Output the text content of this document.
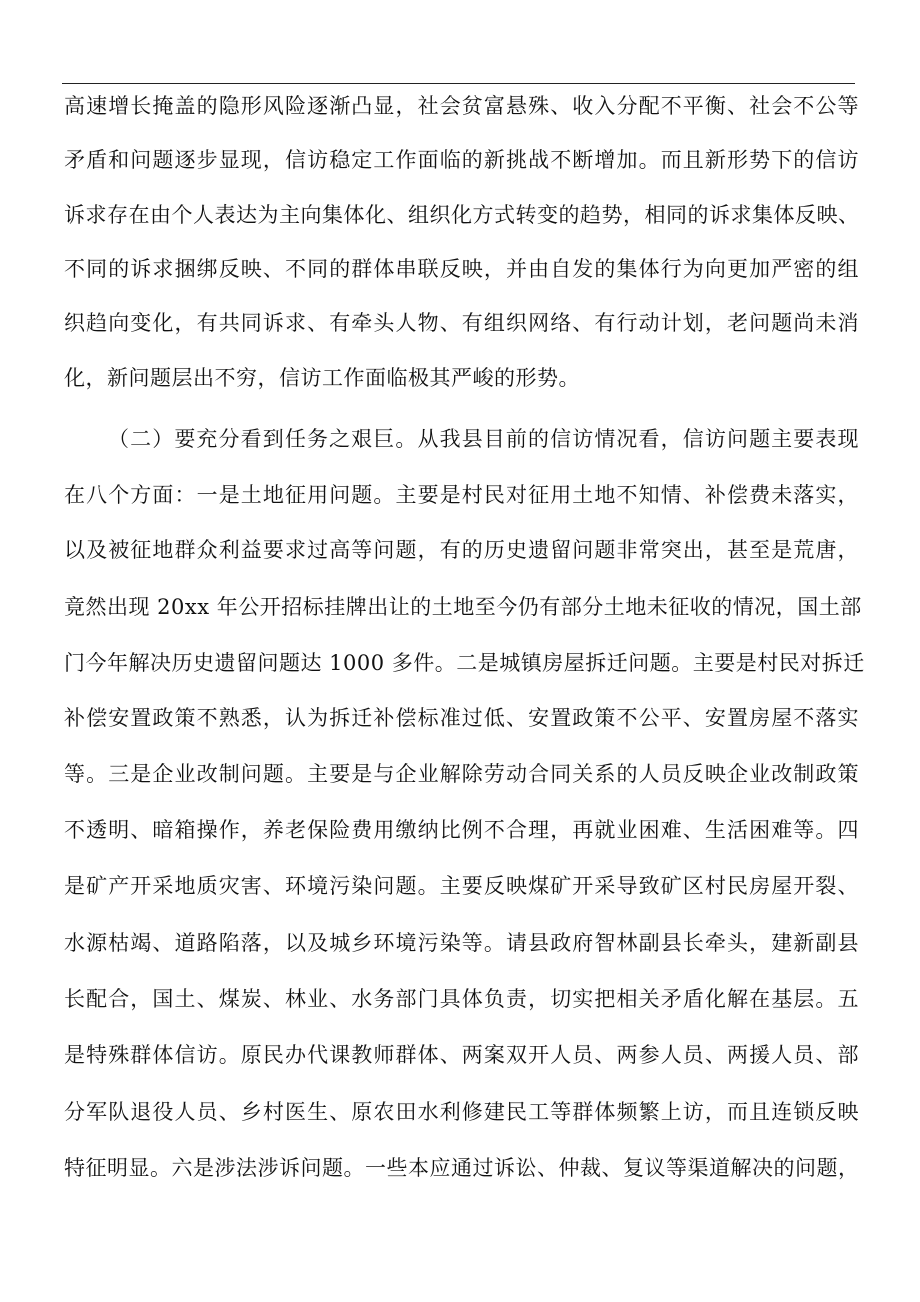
高速增长掩盖的隐形风险逐渐凸显，社会贫富悬殊、收入分配不平衡、社会不公等
矛盾和问题逐步显现，信访稳定工作面临的新挑战不断增加。而且新形势下的信访
诉求存在由个人表达为主向集体化、组织化方式转变的趋势，相同的诉求集体反映、
不同的诉求捆绑反映、不同的群体串联反映，并由自发的集体行为向更加严密的组
织趋向变化，有共同诉求、有牵头人物、有组织网络、有行动计划，老问题尚未消
化，新问题层出不穷，信访工作面临极其严峻的形势。
（二）要充分看到任务之艰巨。从我县目前的信访情况看，信访问题主要表现
在八个方面：一是土地征用问题。主要是村民对征用土地不知情、补偿费未落实，
以及被征地群众利益要求过高等问题，有的历史遗留问题非常突出，甚至是荒唐，
竟然出现 20xx 年公开招标挂牌出让的土地至今仍有部分土地未征收的情况，国土部
门今年解决历史遗留问题达 1000 多件。二是城镇房屋拆迁问题。主要是村民对拆迁
补偿安置政策不熟悉，认为拆迁补偿标准过低、安置政策不公平、安置房屋不落实
等。三是企业改制问题。主要是与企业解除劳动合同关系的人员反映企业改制政策
不透明、暗箱操作，养老保险费用缴纳比例不合理，再就业困难、生活困难等。四
是矿产开采地质灾害、环境污染问题。主要反映煤矿开采导致矿区村民房屋开裂、
水源枯竭、道路陷落，以及城乡环境污染等。请县政府智林副县长牵头，建新副县
长配合，国土、煤炭、林业、水务部门具体负责，切实把相关矛盾化解在基层。五
是特殊群体信访。原民办代课教师群体、两案双开人员、两参人员、两援人员、部
分军队退役人员、乡村医生、原农田水利修建民工等群体频繁上访，而且连锁反映
特征明显。六是涉法涉诉问题。一些本应通过诉讼、仲裁、复议等渠道解决的问题，
